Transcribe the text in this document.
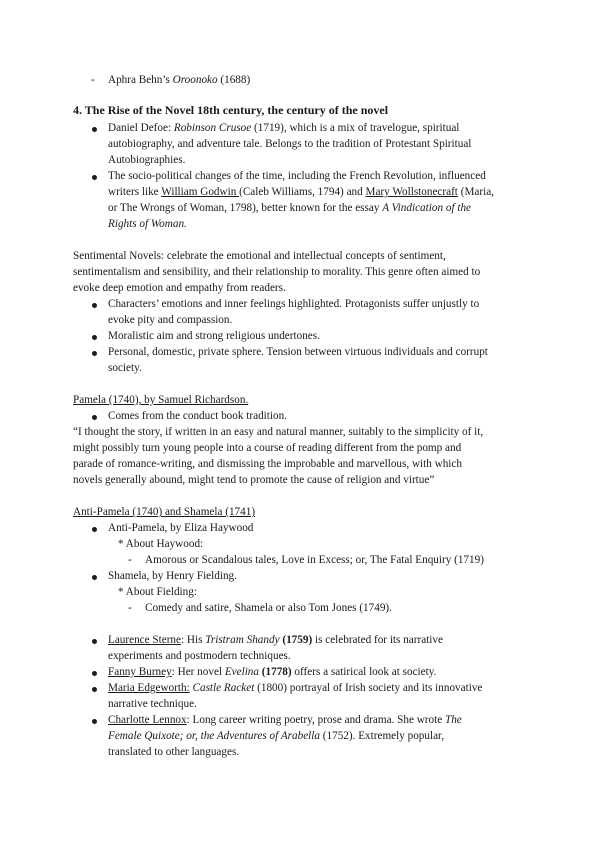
- Aphra Behn’s Oroonoko (1688)
4. The Rise of the Novel 18th century, the century of the novel
Daniel Defoe: Robinson Crusoe (1719), which is a mix of travelogue, spiritual
autobiography, and adventure tale. Belongs to the tradition of Protestant Spiritual
Autobiographies.
The socio-political changes of the time, including the French Revolution, influenced
writers like William Godwin (Caleb Williams, 1794) and Mary Wollstonecraft (Maria,
or The Wrongs of Woman, 1798), better known for the essay A Vindication of the
Rights of Woman.
Sentimental Novels: celebrate the emotional and intellectual concepts of sentiment,
sentimentalism and sensibility, and their relationship to morality. This genre often aimed to
evoke deep emotion and empathy from readers.
Characters’ emotions and inner feelings highlighted. Protagonists suffer unjustly to
evoke pity and compassion.
Moralistic aim and strong religious undertones.
Personal, domestic, private sphere. Tension between virtuous individuals and corrupt
society.
Pamela (1740), by Samuel Richardson.
Comes from the conduct book tradition.
“I thought the story, if written in an easy and natural manner, suitably to the simplicity of it,
might possibly turn young people into a course of reading different from the pomp and
parade of romance-writing, and dismissing the improbable and marvellous, with which
novels generally abound, might tend to promote the cause of religion and virtue”
Anti-Pamela (1740) and Shamela (1741)
Anti-Pamela, by Eliza Haywood
* About Haywood:
- Amorous or Scandalous tales, Love in Excess; or, The Fatal Enquiry (1719)
Shamela, by Henry Fielding.
* About Fielding:
- Comedy and satire, Shamela or also Tom Jones (1749).
Laurence Sterne: His Tristram Shandy (1759) is celebrated for its narrative
experiments and postmodern techniques.
Fanny Burney: Her novel Evelina (1778) offers a satirical look at society.
Maria Edgeworth: Castle Racket (1800) portrayal of Irish society and its innovative
narrative technique.
Charlotte Lennox: Long career writing poetry, prose and drama. She wrote The
Female Quixote; or, the Adventures of Arabella (1752). Extremely popular,
translated to other languages.
